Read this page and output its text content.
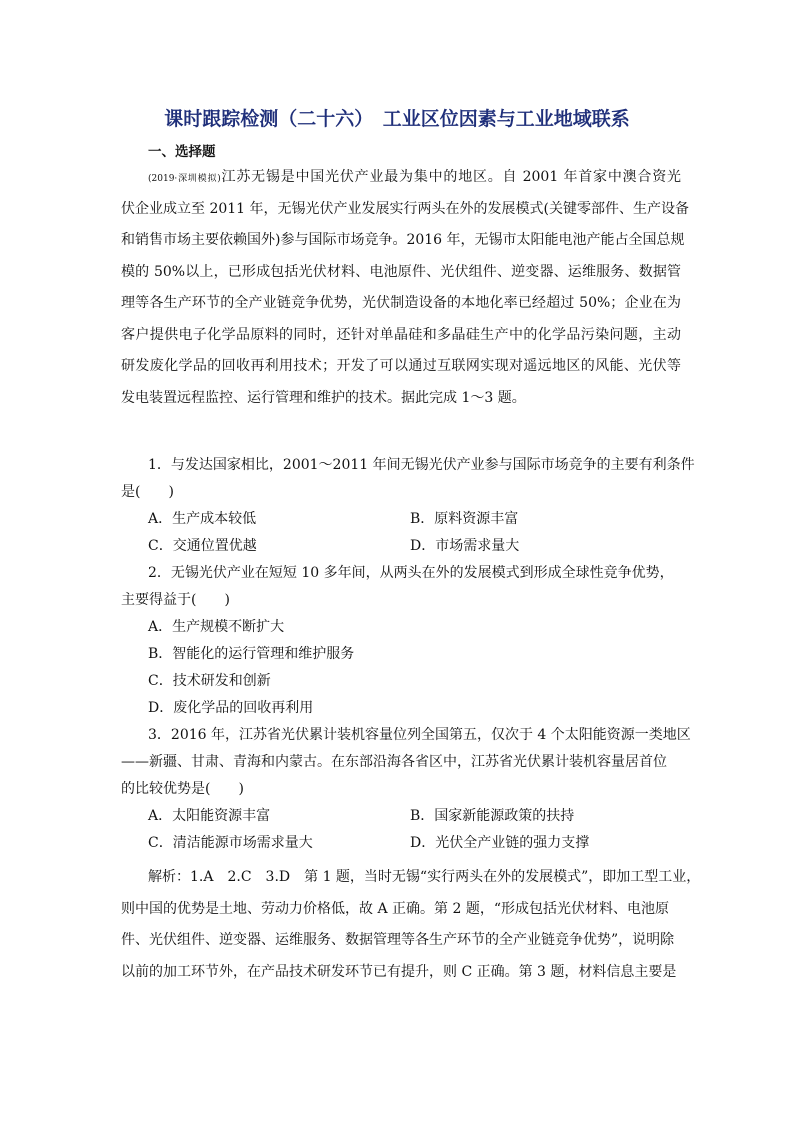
课时跟踪检测（二十六）　工业区位因素与工业地域联系
一、选择题
(2019·深圳模拟)江苏无锡是中国光伏产业最为集中的地区。自 2001 年首家中澳合资光
伏企业成立至 2011 年，无锡光伏产业发展实行两头在外的发展模式(关键零部件、生产设备
和销售市场主要依赖国外)参与国际市场竞争。2016 年，无锡市太阳能电池产能占全国总规
模的 50%以上，已形成包括光伏材料、电池原件、光伏组件、逆变器、运维服务、数据管
理等各生产环节的全产业链竞争优势，光伏制造设备的本地化率已经超过 50%；企业在为
客户提供电子化学品原料的同时，还针对单晶硅和多晶硅生产中的化学品污染问题，主动
研发废化学品的回收再利用技术；开发了可以通过互联网实现对遥远地区的风能、光伏等
发电装置远程监控、运行管理和维护的技术。据此完成 1～3 题。
1．与发达国家相比，2001～2011 年间无锡光伏产业参与国际市场竞争的主要有利条件
是(　　)
A．生产成本较低	B．原料资源丰富
C．交通位置优越	D．市场需求量大
2．无锡光伏产业在短短 10 多年间，从两头在外的发展模式到形成全球性竞争优势，
主要得益于(　　)
A．生产规模不断扩大
B．智能化的运行管理和维护服务
C．技术研发和创新
D．废化学品的回收再利用
3．2016 年，江苏省光伏累计装机容量位列全国第五，仅次于 4 个太阳能资源一类地区
——新疆、甘肃、青海和内蒙古。在东部沿海各省区中，江苏省光伏累计装机容量居首位
的比较优势是(　　)
A．太阳能资源丰富	B．国家新能源政策的扶持
C．清洁能源市场需求量大	D．光伏全产业链的强力支撑
解析：1.A　2.C　3.D　第 1 题，当时无锡“实行两头在外的发展模式”，即加工型工业，
则中国的优势是土地、劳动力价格低，故 A 正确。第 2 题，“形成包括光伏材料、电池原
件、光伏组件、逆变器、运维服务、数据管理等各生产环节的全产业链竞争优势”，说明除
以前的加工环节外，在产品技术研发环节已有提升，则 C 正确。第 3 题，材料信息主要是
